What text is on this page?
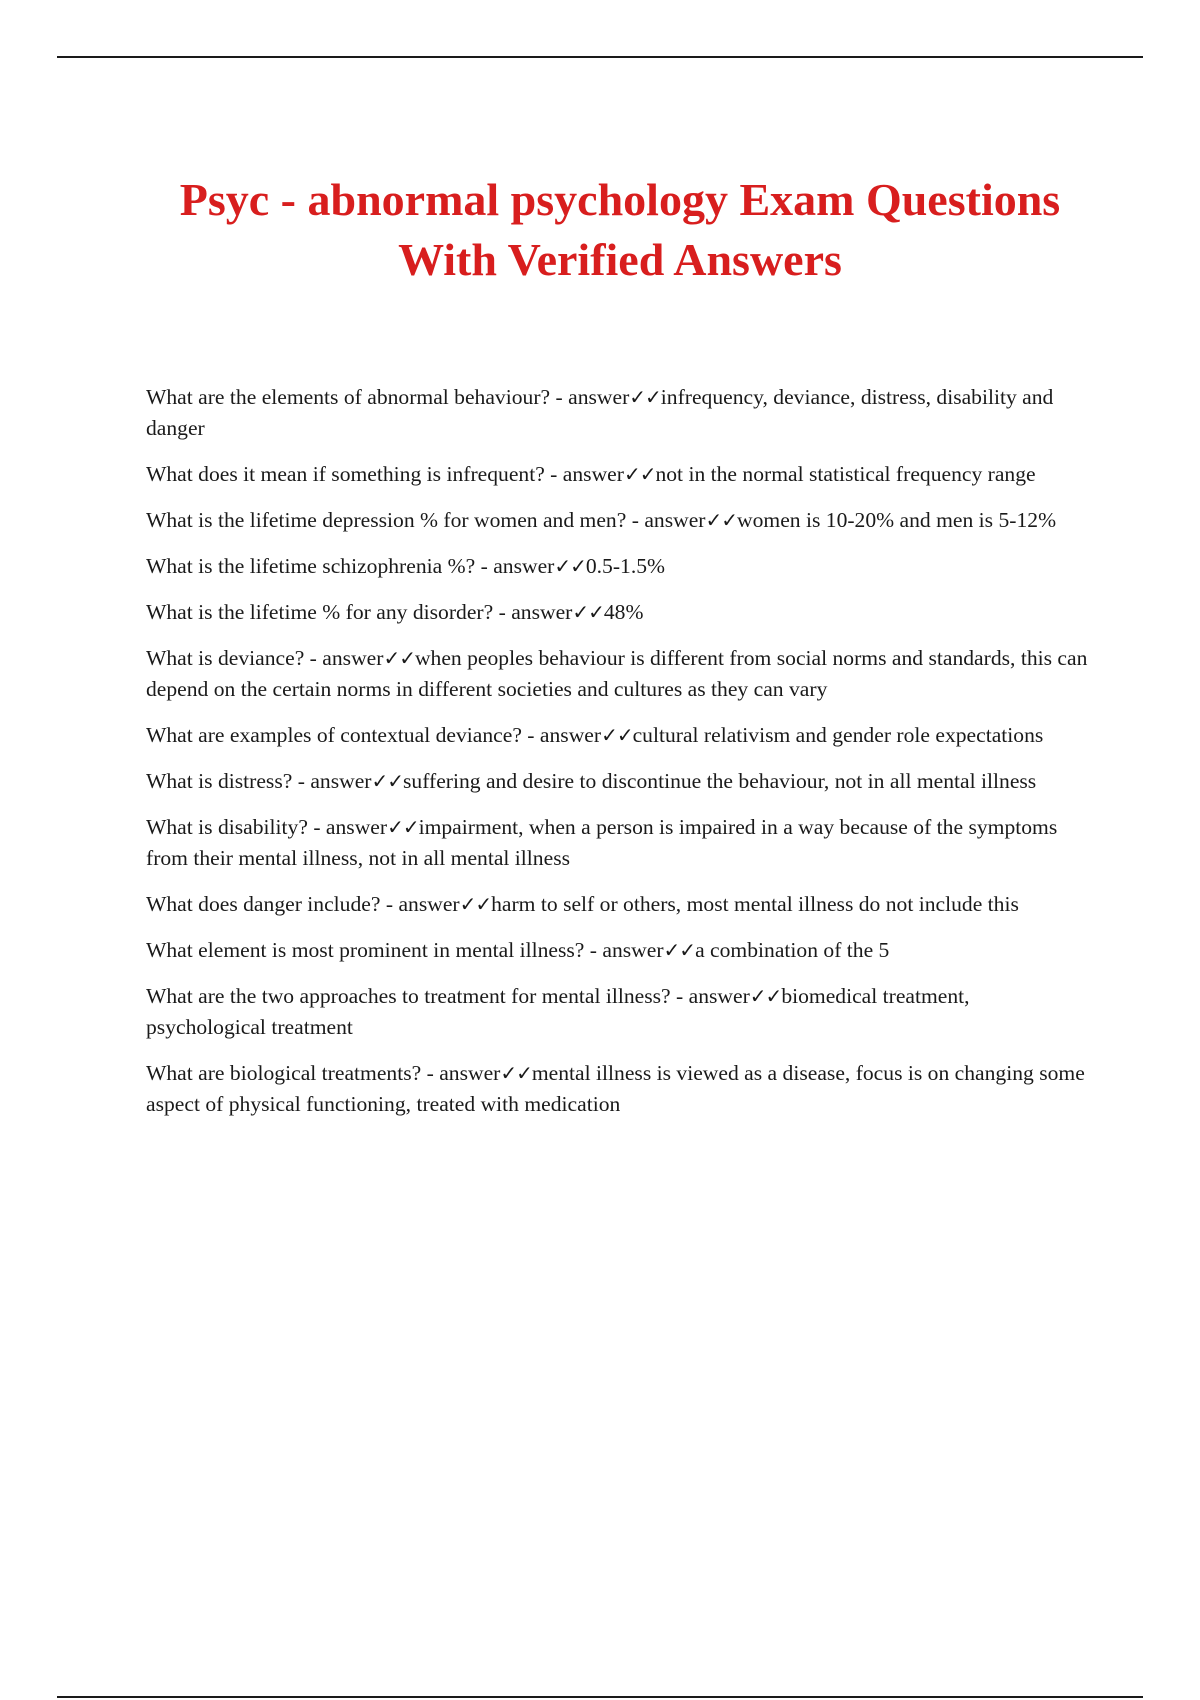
Psyc - abnormal psychology Exam Questions
With Verified Answers
What are the elements of abnormal behaviour? - answer✓✓infrequency, deviance, distress, disability and danger
What does it mean if something is infrequent? - answer✓✓not in the normal statistical frequency range
What is the lifetime depression % for women and men? - answer✓✓women is 10-20% and men is 5-12%
What is the lifetime schizophrenia %? - answer✓✓0.5-1.5%
What is the lifetime % for any disorder? - answer✓✓48%
What is deviance? - answer✓✓when peoples behaviour is different from social norms and standards, this can depend on the certain norms in different societies and cultures as they can vary
What are examples of contextual deviance? - answer✓✓cultural relativism and gender role expectations
What is distress? - answer✓✓suffering and desire to discontinue the behaviour, not in all mental illness
What is disability? - answer✓✓impairment, when a person is impaired in a way because of the symptoms from their mental illness, not in all mental illness
What does danger include? - answer✓✓harm to self or others, most mental illness do not include this
What element is most prominent in mental illness? - answer✓✓a combination of the 5
What are the two approaches to treatment for mental illness? - answer✓✓biomedical treatment, psychological treatment
What are biological treatments? - answer✓✓mental illness is viewed as a disease, focus is on changing some aspect of physical functioning, treated with medication
